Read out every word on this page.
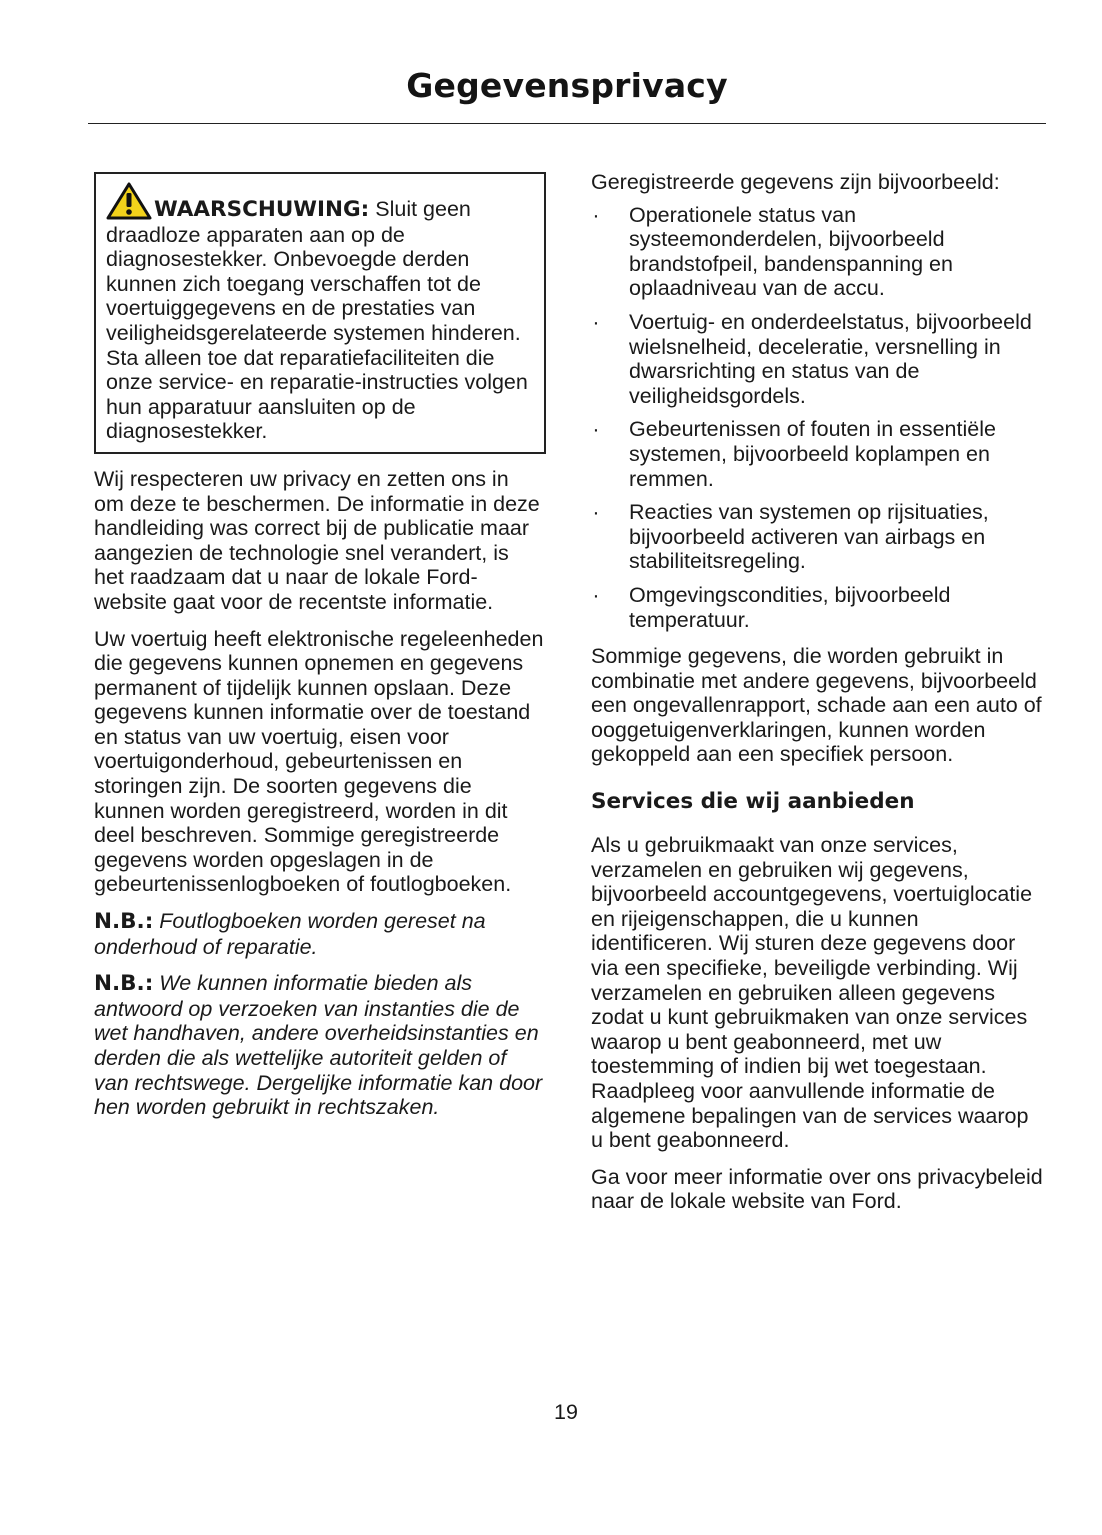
Gegevensprivacy
WAARSCHUWING: Sluit geen draadloze apparaten aan op de diagnosestekker. Onbevoegde derden kunnen zich toegang verschaffen tot de voertuiggegevens en de prestaties van veiligheidsgerelateerde systemen hinderen. Sta alleen toe dat reparatiefaciliteiten die onze service- en reparatie-instructies volgen hun apparatuur aansluiten op de diagnosestekker.

Wij respecteren uw privacy en zetten ons in om deze te beschermen. De informatie in deze handleiding was correct bij de publicatie maar aangezien de technologie snel verandert, is het raadzaam dat u naar de lokale Ford-website gaat voor de recentste informatie.

Uw voertuig heeft elektronische regeleenheden die gegevens kunnen opnemen en gegevens permanent of tijdelijk kunnen opslaan. Deze gegevens kunnen informatie over de toestand en status van uw voertuig, eisen voor voertuigonderhoud, gebeurtenissen en storingen zijn. De soorten gegevens die kunnen worden geregistreerd, worden in dit deel beschreven. Sommige geregistreerde gegevens worden opgeslagen in de gebeurtenissenlogboeken of foutlogboeken.

N.B.: Foutlogboeken worden gereset na onderhoud of reparatie.

N.B.: We kunnen informatie bieden als antwoord op verzoeken van instanties die de wet handhaven, andere overheidsinstanties en derden die als wettelijke autoriteit gelden of van rechtswege. Dergelijke informatie kan door hen worden gebruikt in rechtszaken.

Geregistreerde gegevens zijn bijvoorbeeld:

· Operationele status van systeemonderdelen, bijvoorbeeld brandstofpeil, bandenspanning en oplaadniveau van de accu.
· Voertuig- en onderdeelstatus, bijvoorbeeld wielsnelheid, deceleratie, versnelling in dwarsrichting en status van de veiligheidsgordels.
· Gebeurtenissen of fouten in essentiële systemen, bijvoorbeeld koplampen en remmen.
· Reacties van systemen op rijsituaties, bijvoorbeeld activeren van airbags en stabiliteitsregeling.
· Omgevingscondities, bijvoorbeeld temperatuur.

Sommige gegevens, die worden gebruikt in combinatie met andere gegevens, bijvoorbeeld een ongevallenrapport, schade aan een auto of ooggetuigenverklaringen, kunnen worden gekoppeld aan een specifiek persoon.

Services die wij aanbieden

Als u gebruikmaakt van onze services, verzamelen en gebruiken wij gegevens, bijvoorbeeld accountgegevens, voertuiglocatie en rijeigenschappen, die u kunnen identificeren. Wij sturen deze gegevens door via een specifieke, beveiligde verbinding. Wij verzamelen en gebruiken alleen gegevens zodat u kunt gebruikmaken van onze services waarop u bent geabonneerd, met uw toestemming of indien bij wet toegestaan. Raadpleeg voor aanvullende informatie de algemene bepalingen van de services waarop u bent geabonneerd.

Ga voor meer informatie over ons privacybeleid naar de lokale website van Ford.

19
